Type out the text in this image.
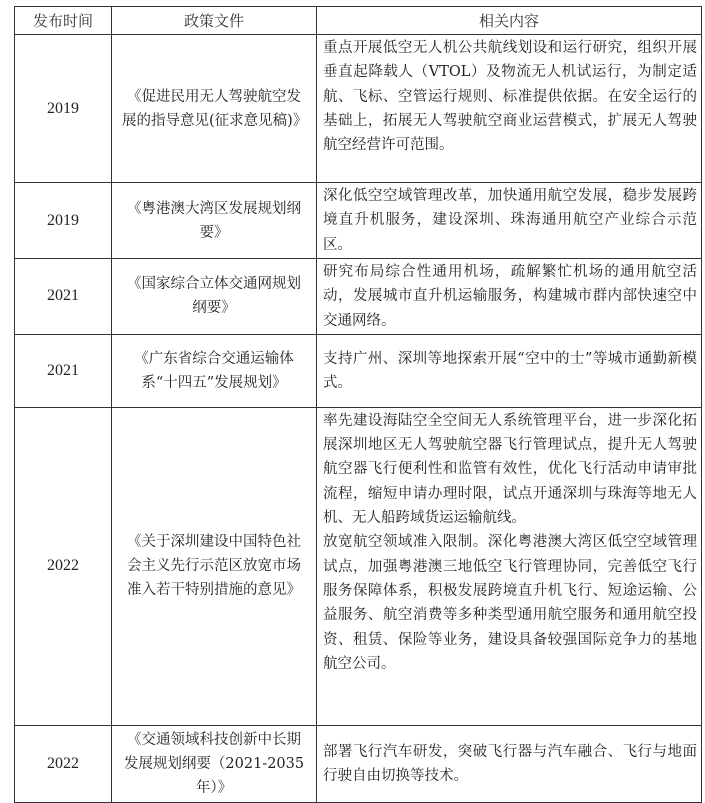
发布时间	政策文件	相关内容
2019	《促进民用无人驾驶航空发展的指导意见(征求意见稿)》	重点开展低空无人机公共航线划设和运行研究，组织开展垂直起降载人（VTOL）及物流无人机试运行，为制定适航、飞标、空管运行规则、标准提供依据。在安全运行的基础上，拓展无人驾驶航空商业运营模式，扩展无人驾驶航空经营许可范围。

2019	《粤港澳大湾区发展规划纲要》	深化低空空域管理改革，加快通用航空发展，稳步发展跨境直升机服务，建设深圳、珠海通用航空产业综合示范区。

2021	《国家综合立体交通网规划纲要》	研究布局综合性通用机场，疏解繁忙机场的通用航空活动，发展城市直升机运输服务，构建城市群内部快速空中交通网络。

2021	《广东省综合交通运输体系“十四五”发展规划》	支持广州、深圳等地探索开展“空中的士”等城市通勤新模式。

2022	《关于深圳建设中国特色社会主义先行示范区放宽市场准入若干特别措施的意见》	率先建设海陆空全空间无人系统管理平台，进一步深化拓展深圳地区无人驾驶航空器飞行管理试点，提升无人驾驶航空器飞行便利性和监管有效性，优化飞行活动申请审批流程，缩短申请办理时限，试点开通深圳与珠海等地无人机、无人船跨域货运运输航线。
放宽航空领域准入限制。深化粤港澳大湾区低空空域管理试点，加强粤港澳三地低空飞行管理协同，完善低空飞行服务保障体系，积极发展跨境直升机飞行、短途运输、公益服务、航空消费等多种类型通用航空服务和通用航空投资、租赁、保险等业务，建设具备较强国际竞争力的基地航空公司。

2022	《交通领域科技创新中长期发展规划纲要（2021-2035 年）》	部署飞行汽车研发，突破飞行器与汽车融合、飞行与地面行驶自由切换等技术。
